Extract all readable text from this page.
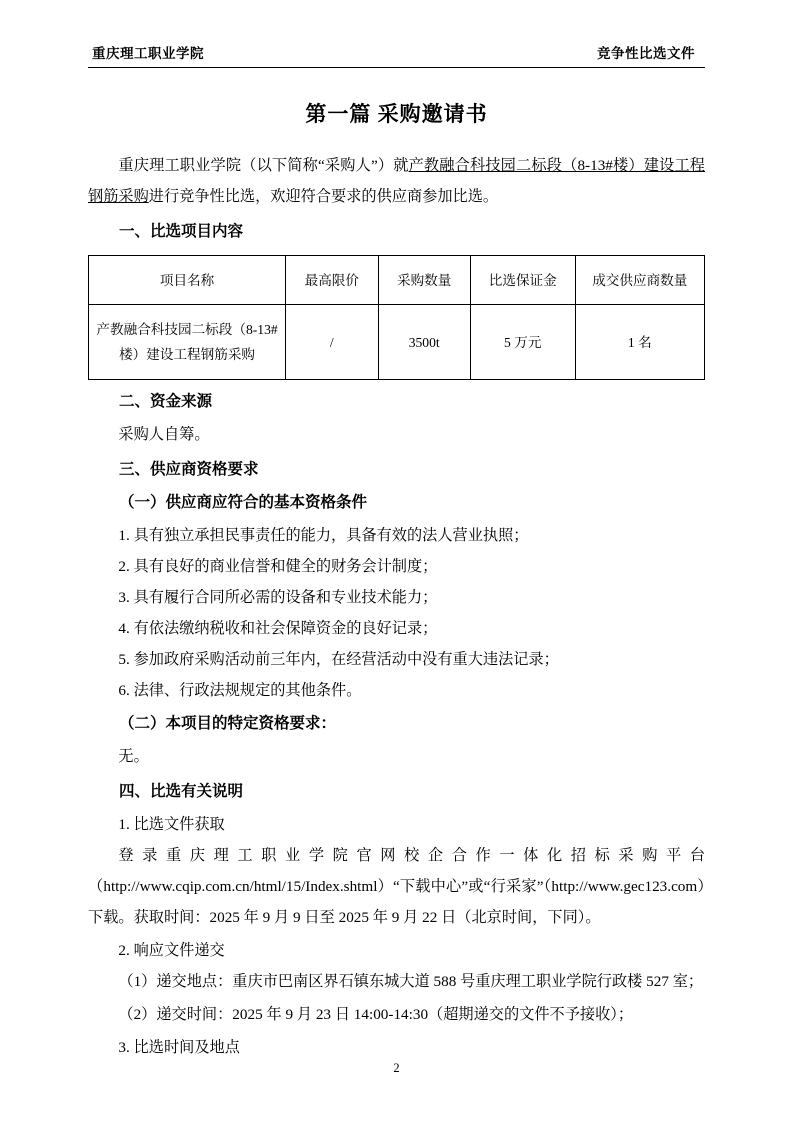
重庆理工职业学院	竞争性比选文件
第一篇 采购邀请书

重庆理工职业学院（以下简称“采购人”）就产教融合科技园二标段（8-13#楼）建设工程钢筋采购进行竞争性比选，欢迎符合要求的供应商参加比选。

一、比选项目内容
项目名称	最高限价	采购数量	比选保证金	成交供应商数量
产教融合科技园二标段（8-13#楼）建设工程钢筋采购	/	3500t	5 万元	1 名
二、资金来源

采购人自筹。

三、供应商资格要求
（一）供应商应符合的基本资格条件

1. 具有独立承担民事责任的能力，具备有效的法人营业执照；

2. 具有良好的商业信誉和健全的财务会计制度；

3. 具有履行合同所必需的设备和专业技术能力；

4. 有依法缴纳税收和社会保障资金的良好记录；

5. 参加政府采购活动前三年内，在经营活动中没有重大违法记录；

6. 法律、行政法规规定的其他条件。

（二）本项目的特定资格要求：

无。

四、比选有关说明

1. 比选文件获取

登录重庆理工职业学院官网校企合作一体化招标采购平台（http://www.cqip.com.cn/html/15/Index.shtml）“下载中心”或“行采家”（http://www.gec123.com）下载。获取时间：2025 年 9 月 9 日至 2025 年 9 月 22 日（北京时间，下同）。

2. 响应文件递交

（1）递交地点：重庆市巴南区界石镇东城大道 588 号重庆理工职业学院行政楼 527 室；

（2）递交时间：2025 年 9 月 23 日 14:00-14:30（超期递交的文件不予接收）；

3. 比选时间及地点

2
